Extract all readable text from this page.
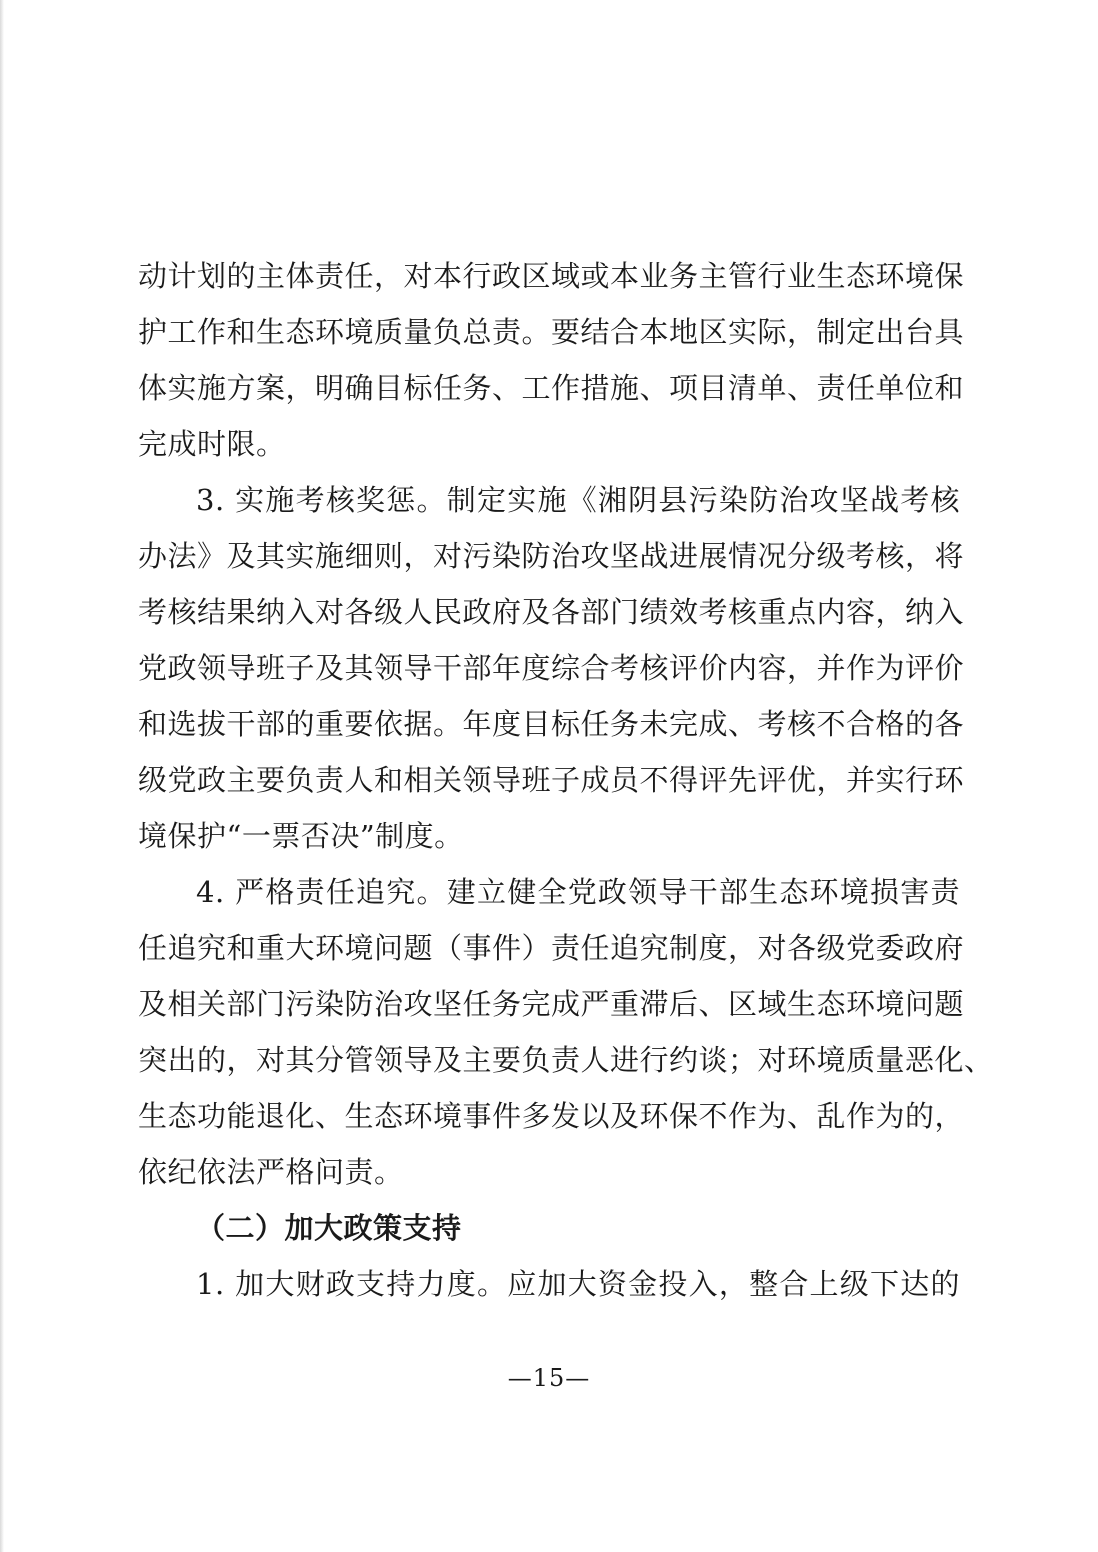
动计划的主体责任，对本行政区域或本业务主管行业生态环境保
护工作和生态环境质量负总责。要结合本地区实际，制定出台具
体实施方案，明确目标任务、工作措施、项目清单、责任单位和
完成时限。
3. 实施考核奖惩。制定实施《湘阴县污染防治攻坚战考核
办法》及其实施细则，对污染防治攻坚战进展情况分级考核，将
考核结果纳入对各级人民政府及各部门绩效考核重点内容，纳入
党政领导班子及其领导干部年度综合考核评价内容，并作为评价
和选拔干部的重要依据。年度目标任务未完成、考核不合格的各
级党政主要负责人和相关领导班子成员不得评先评优，并实行环
境保护“一票否决”制度。
4. 严格责任追究。建立健全党政领导干部生态环境损害责
任追究和重大环境问题（事件）责任追究制度，对各级党委政府
及相关部门污染防治攻坚任务完成严重滞后、区域生态环境问题
突出的，对其分管领导及主要负责人进行约谈；对环境质量恶化、
生态功能退化、生态环境事件多发以及环保不作为、乱作为的，
依纪依法严格问责。
（二）加大政策支持
1. 加大财政支持力度。应加大资金投入，整合上级下达的
—15—
